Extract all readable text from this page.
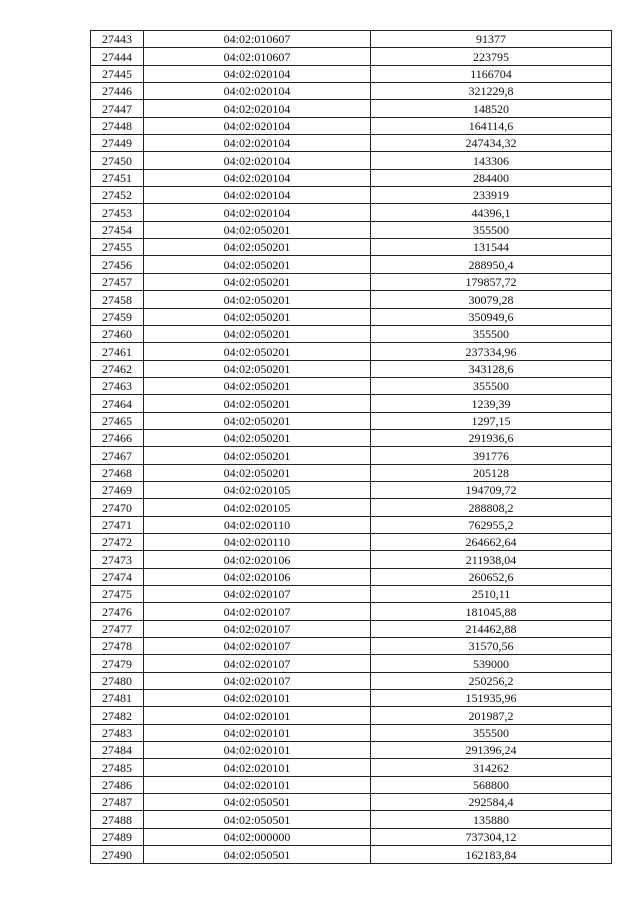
27443	04:02:010607	91377
27444	04:02:010607	223795
27445	04:02:020104	1166704
27446	04:02:020104	321229,8
27447	04:02:020104	148520
27448	04:02:020104	164114,6
27449	04:02:020104	247434,32
27450	04:02:020104	143306
27451	04:02:020104	284400
27452	04:02:020104	233919
27453	04:02:020104	44396,1
27454	04:02:050201	355500
27455	04:02:050201	131544
27456	04:02:050201	288950,4
27457	04:02:050201	179857,72
27458	04:02:050201	30079,28
27459	04:02:050201	350949,6
27460	04:02:050201	355500
27461	04:02:050201	237334,96
27462	04:02:050201	343128,6
27463	04:02:050201	355500
27464	04:02:050201	1239,39
27465	04:02:050201	1297,15
27466	04:02:050201	291936,6
27467	04:02:050201	391776
27468	04:02:050201	205128
27469	04:02:020105	194709,72
27470	04:02:020105	288808,2
27471	04:02:020110	762955,2
27472	04:02:020110	264662,64
27473	04:02:020106	211938,04
27474	04:02:020106	260652,6
27475	04:02:020107	2510,11
27476	04:02:020107	181045,88
27477	04:02:020107	214462,88
27478	04:02:020107	31570,56
27479	04:02:020107	539000
27480	04:02:020107	250256,2
27481	04:02:020101	151935,96
27482	04:02:020101	201987,2
27483	04:02:020101	355500
27484	04:02:020101	291396,24
27485	04:02:020101	314262
27486	04:02:020101	568800
27487	04:02:050501	292584,4
27488	04:02:050501	135880
27489	04:02:000000	737304,12
27490	04:02:050501	162183,84
